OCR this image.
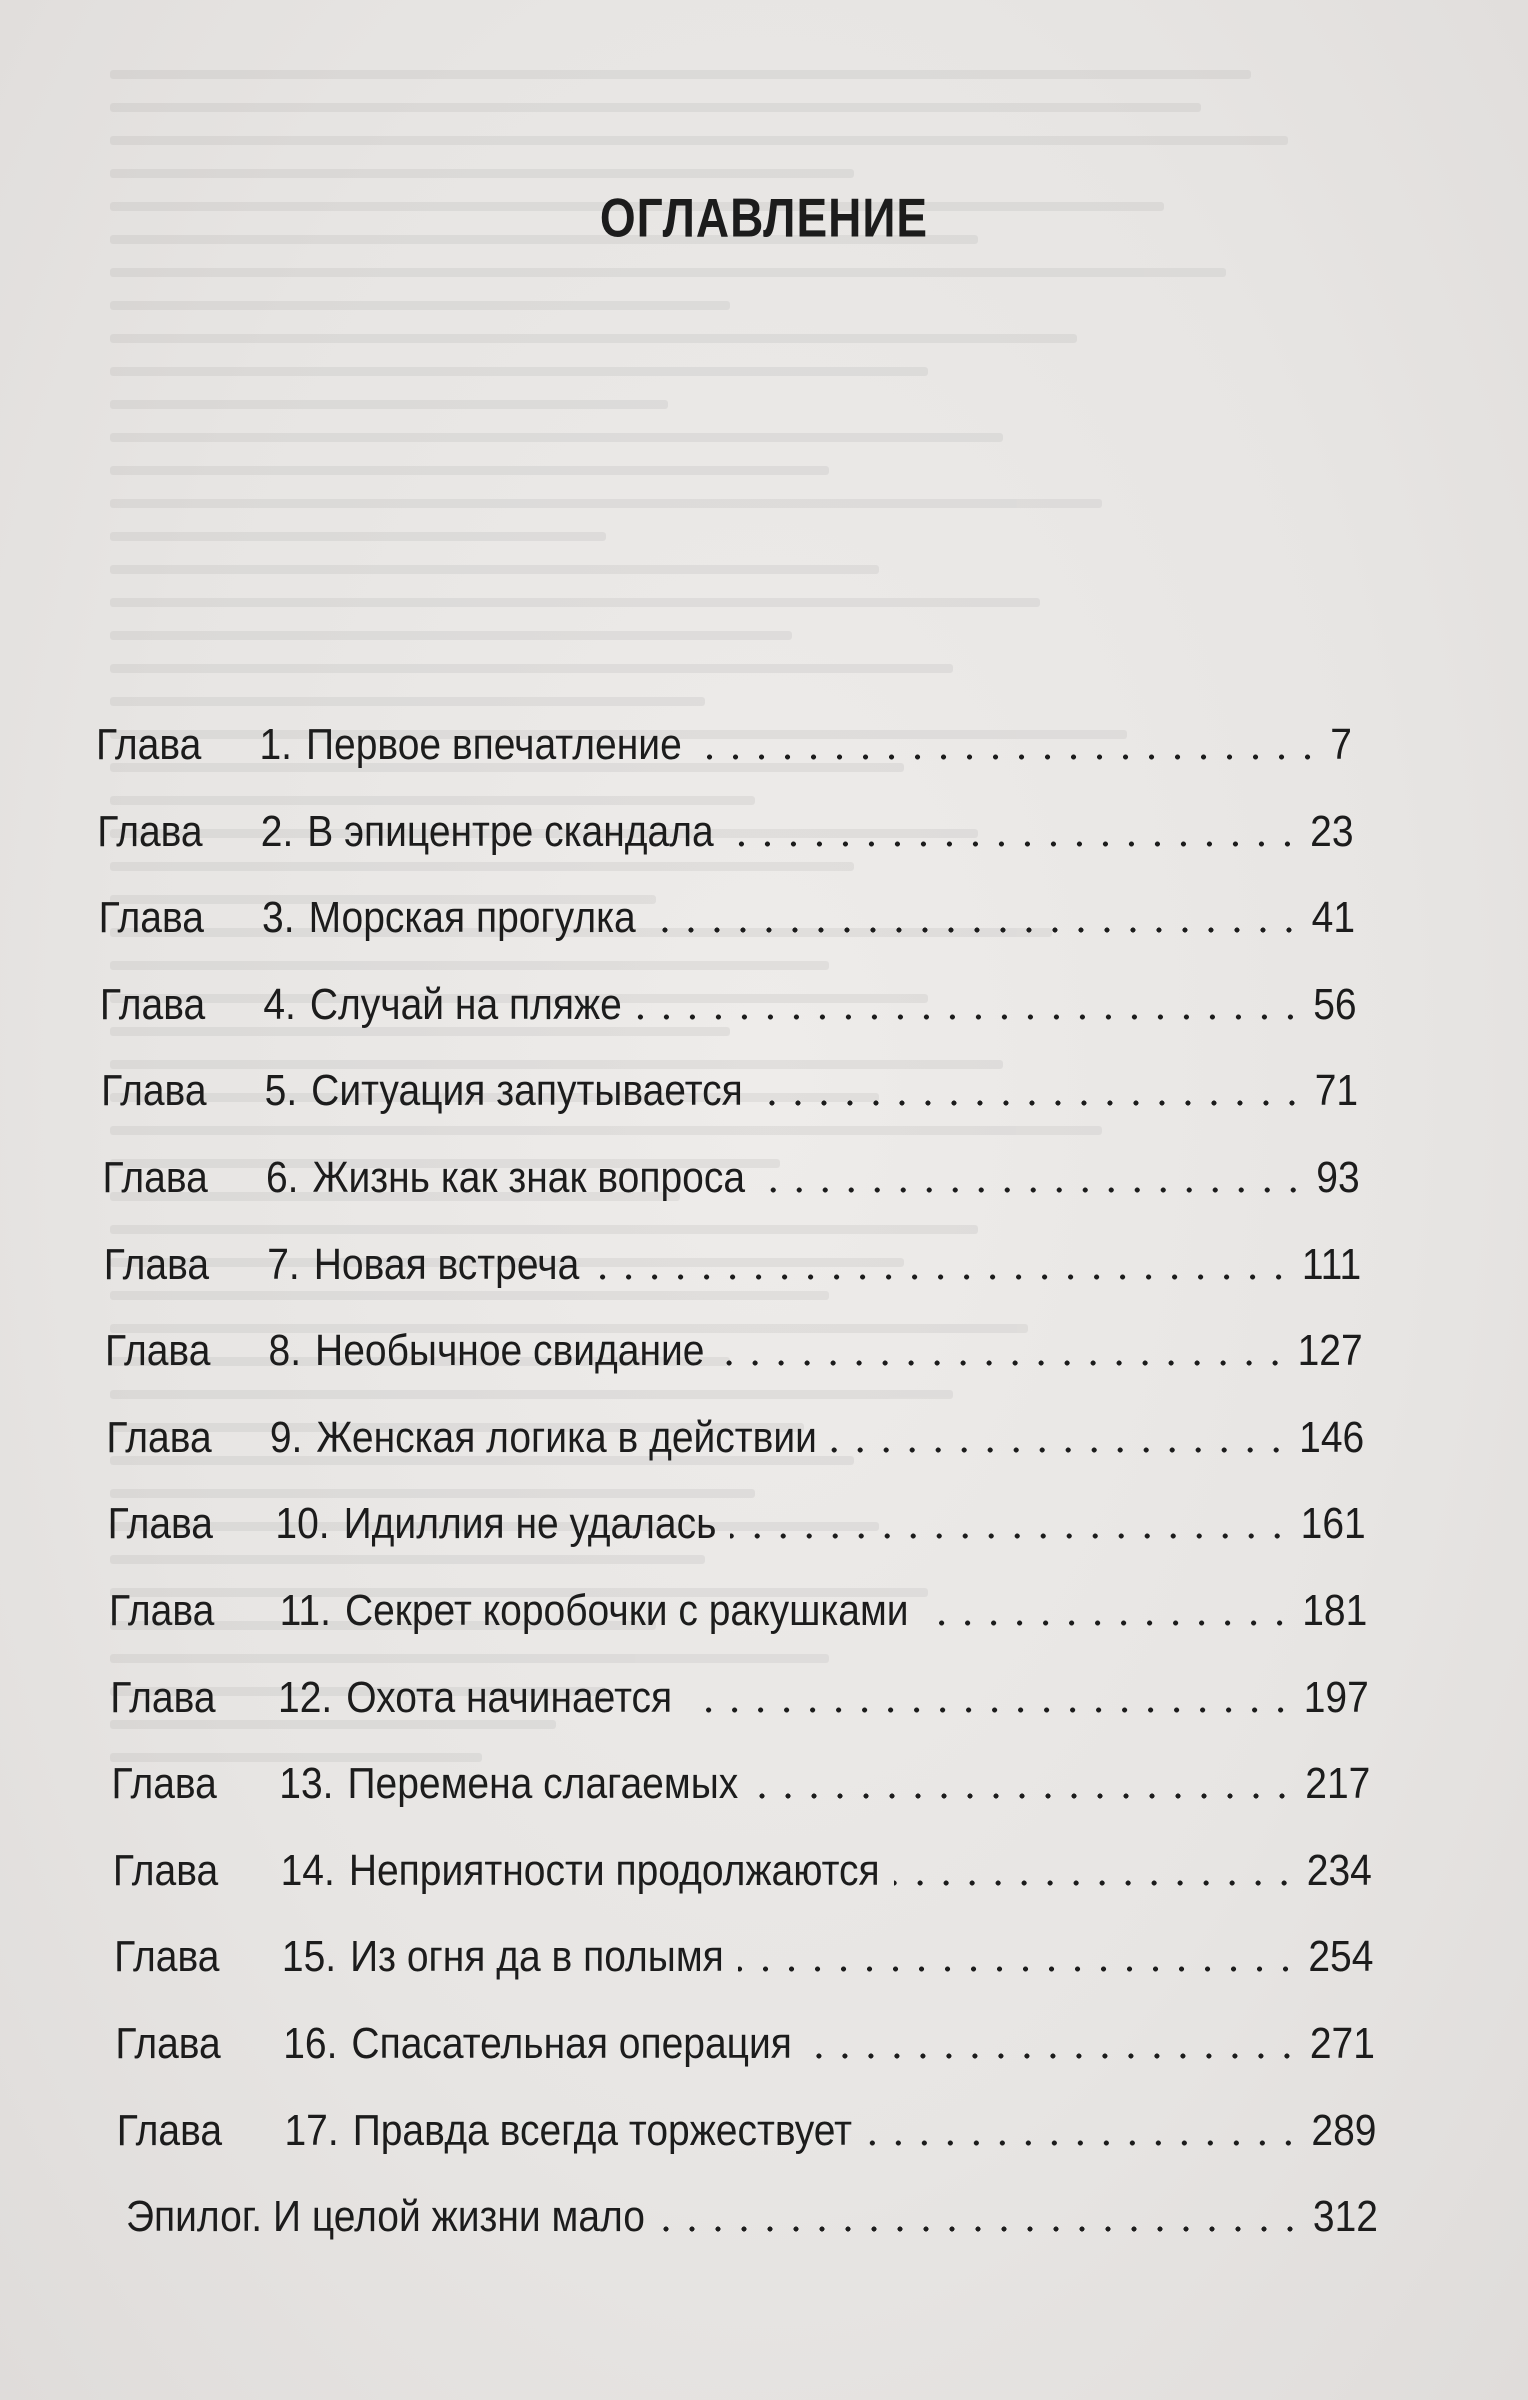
ОГЛАВЛЕНИЕ
Глава	1. Первое впечатление	7
Глава	2. В эпицентре скандала	23
Глава	3. Морская прогулка	41
Глава	4. Случай на пляже	56
Глава	5. Ситуация запутывается	71
Глава	6. Жизнь как знак вопроса	93
Глава	7. Новая встреча	111
Глава	8. Необычное свидание	127
Глава	9. Женская логика в действии	146
Глава	10. Идиллия не удалась	161
Глава	11. Секрет коробочки с ракушками	181
Глава	12. Охота начинается	197
Глава	13. Перемена слагаемых	217
Глава	14. Неприятности продолжаются	234
Глава	15. Из огня да в полымя	254
Глава	16. Спасательная операция	271
Глава	17. Правда всегда торжествует	289
Эпилог. И целой жизни мало	312
